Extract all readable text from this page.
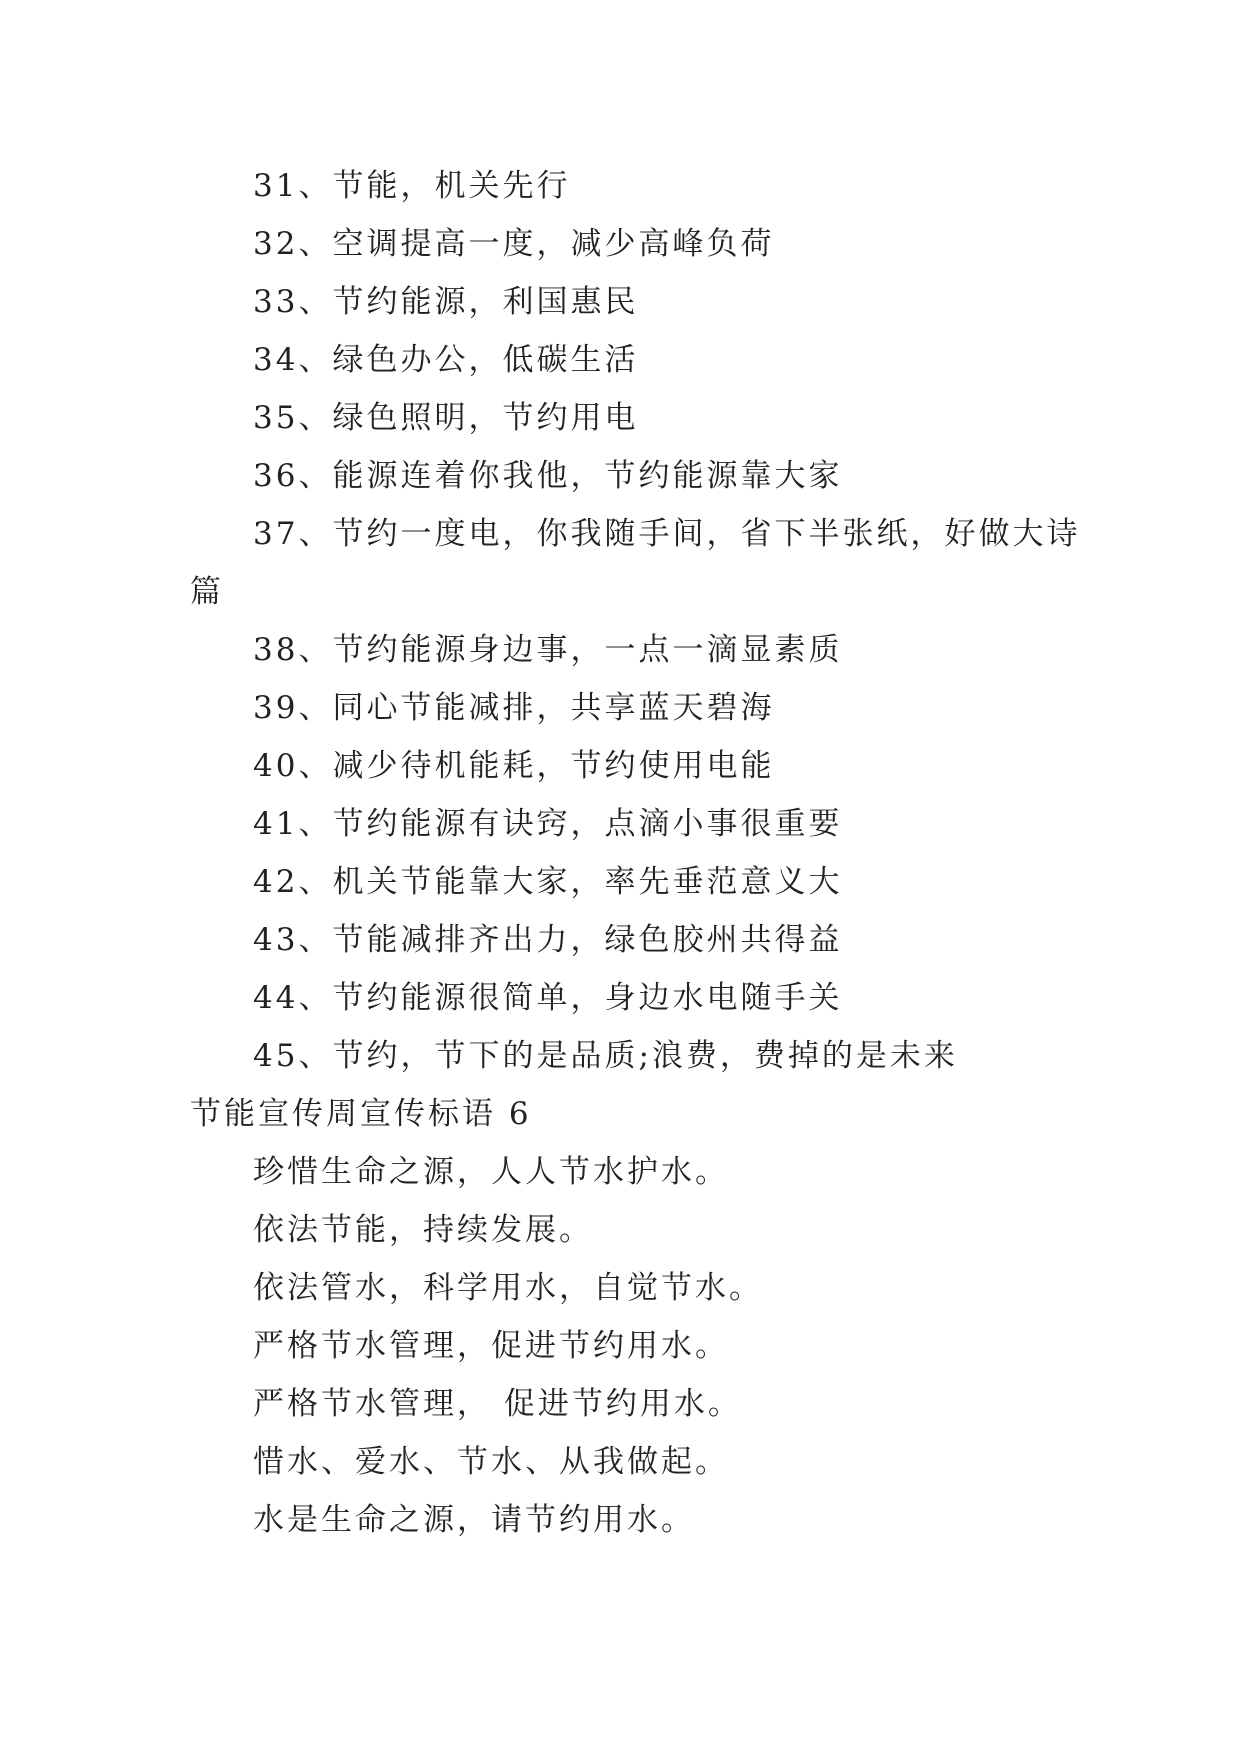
31、节能，机关先行
32、空调提高一度，减少高峰负荷
33、节约能源，利国惠民
34、绿色办公，低碳生活
35、绿色照明，节约用电
36、能源连着你我他，节约能源靠大家
37、节约一度电，你我随手间，省下半张纸，好做大诗
篇
38、节约能源身边事，一点一滴显素质
39、同心节能减排，共享蓝天碧海
40、减少待机能耗，节约使用电能
41、节约能源有诀窍，点滴小事很重要
42、机关节能靠大家，率先垂范意义大
43、节能减排齐出力，绿色胶州共得益
44、节约能源很简单，身边水电随手关
45、节约，节下的是品质;浪费，费掉的是未来
节能宣传周宣传标语 6
珍惜生命之源，人人节水护水。
依法节能，持续发展。
依法管水，科学用水，自觉节水。
严格节水管理，促进节约用水。
严格节水管理， 促进节约用水。
惜水、爱水、节水、从我做起。
水是生命之源，请节约用水。
